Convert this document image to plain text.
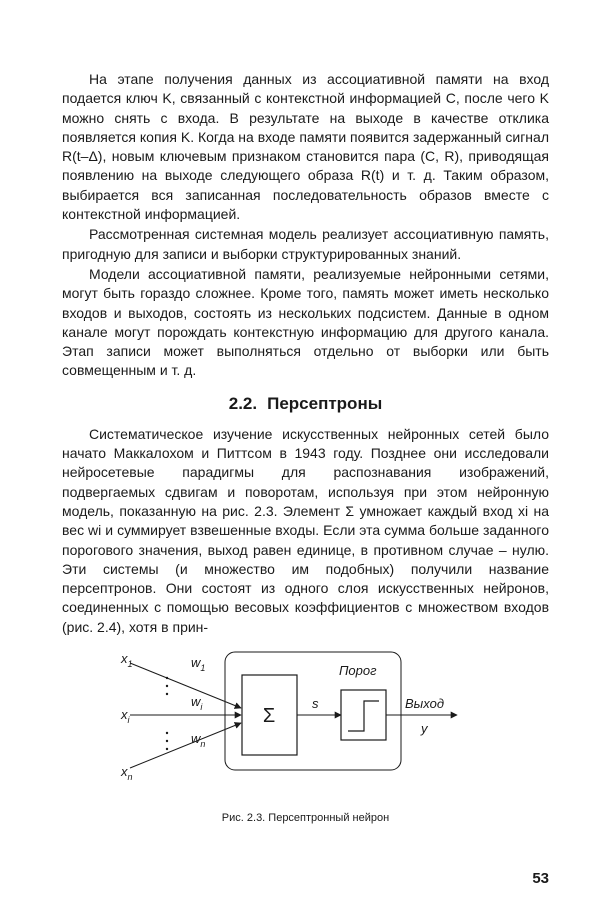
На этапе получения данных из ассоциативной памяти на вход подается ключ K, связанный с контекстной информацией C, после чего K можно снять с входа. В результате на выходе в качестве отклика появляется копия K. Когда на входе памяти появится задержанный сигнал R(t–Δ), новым ключевым признаком становится пара (C, R), приводящая появлению на выходе следующего образа R(t) и т. д. Таким образом, выбирается вся записанная последовательность образов вместе с контекстной информацией.

Рассмотренная системная модель реализует ассоциативную память, пригодную для записи и выборки структурированных знаний.

Модели ассоциативной памяти, реализуемые нейронными сетями, могут быть гораздо сложнее. Кроме того, память может иметь несколько входов и выходов, состоять из нескольких подсистем. Данные в одном канале могут порождать контекстную информацию для другого канала. Этап записи может выполняться отдельно от выборки или быть совмещенным и т. д.

2.2. Персептроны

Систематическое изучение искусственных нейронных сетей было начато Маккалохом и Питтсом в 1943 году. Позднее они исследовали нейросетевые парадигмы для распознавания изображений, подвергаемых сдвигам и поворотам, используя при этом нейронную модель, показанную на рис. 2.3. Элемент Σ умножает каждый вход xi на вес wi и суммирует взвешенные входы. Если эта сумма больше заданного порогового значения, выход равен единице, в противном случае – нулю. Эти системы (и множество им подобных) получили название персептронов. Они состоят из одного слоя искусственных нейронов, соединенных с помощью весовых коэффициентов с множеством входов (рис. 2.4), хотя в прин-

$x_1$
$x_i$
$x_n$
$w_1$
$w_i$
$w_n$
Σ
s
Порог
Выход
y
Рис. 2.3. Персептронный нейрон
53
